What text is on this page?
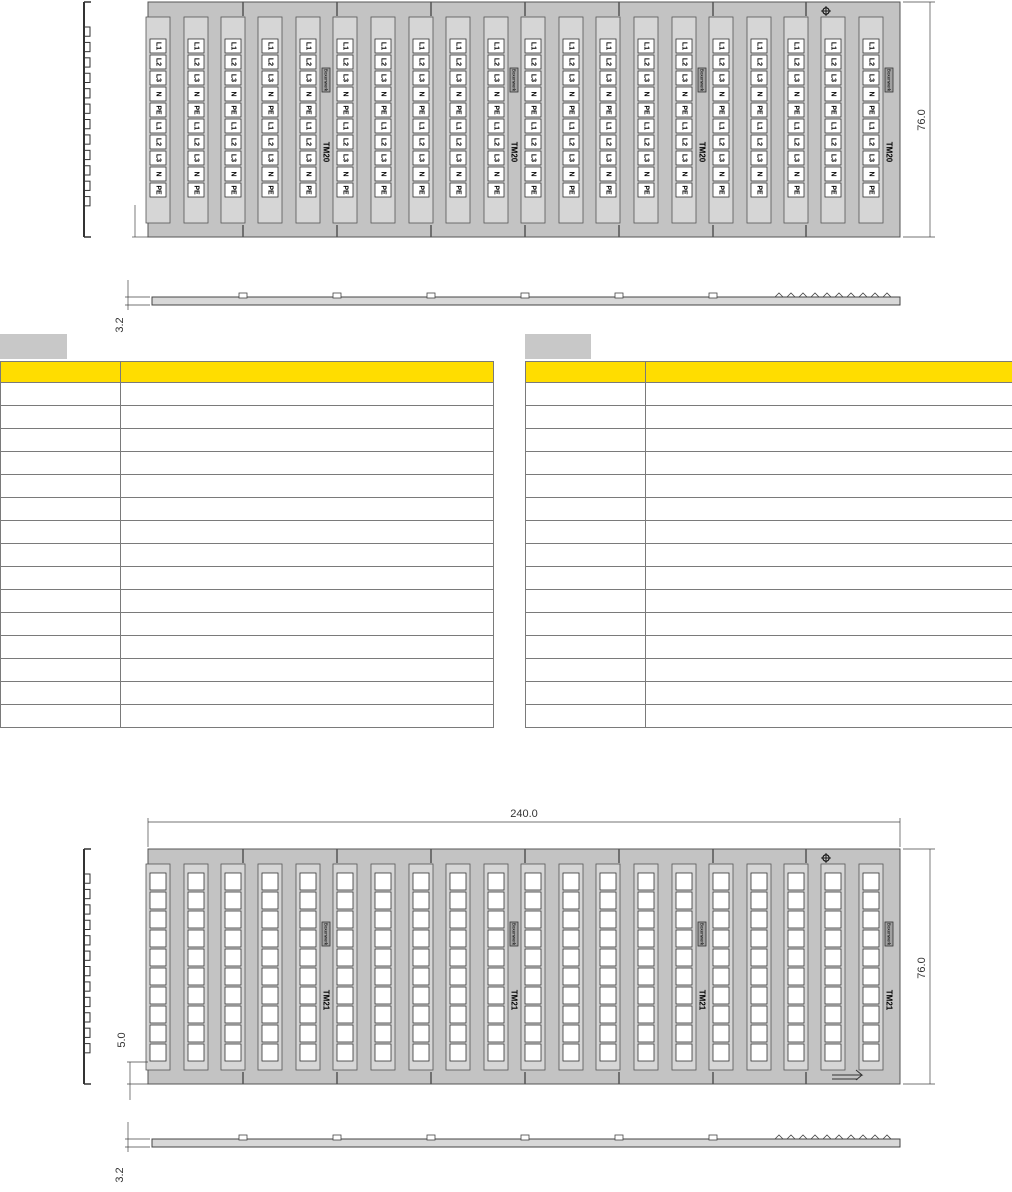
L1
L2
L3
N
PE
L1
L2
L3
N
PE
L1
L2
L3
N
PE
L1
L2
L3
N
PE
L1
L2
L3
N
PE
L1
L2
L3
N
PE
L1
L2
L3
N
PE
L1
L2
L3
N
PE
L1
L2
L3
N
PE
L1
L2
L3
N
PE
L1
L2
L3
N
PE
L1
L2
L3
N
PE
L1
L2
L3
N
PE
L1
L2
L3
N
PE
L1
L2
L3
N
PE
L1
L2
L3
N
PE
L1
L2
L3
N
PE
L1
L2
L3
N
PE
L1
L2
L3
N
PE
L1
L2
L3
N
PE
L1
L2
L3
N
PE
L1
L2
L3
N
PE
L1
L2
L3
N
PE
L1
L2
L3
N
PE
L1
L2
L3
N
PE
L1
L2
L3
N
PE
L1
L2
L3
N
PE
L1
L2
L3
N
PE
L1
L2
L3
N
PE
L1
L2
L3
N
PE
L1
L2
L3
N
PE
L1
L2
L3
N
PE
L1
L2
L3
N
PE
L1
L2
L3
N
PE
L1
L2
L3
N
PE
L1
L2
L3
N
PE
L1
L2
L3
N
PE
L1
L2
L3
N
PE
L1
L2
L3
N
PE
L1
L2
L3
N
PE
Boxenwerk
TM20
Boxenwerk
TM20
Boxenwerk
TM20
Boxenwerk
TM20
Boxenwerk
TM21
Boxenwerk
TM21
Boxenwerk
TM21
Boxenwerk
TM21
76.0
3.2
240.0
76.0
5.0
3.2
